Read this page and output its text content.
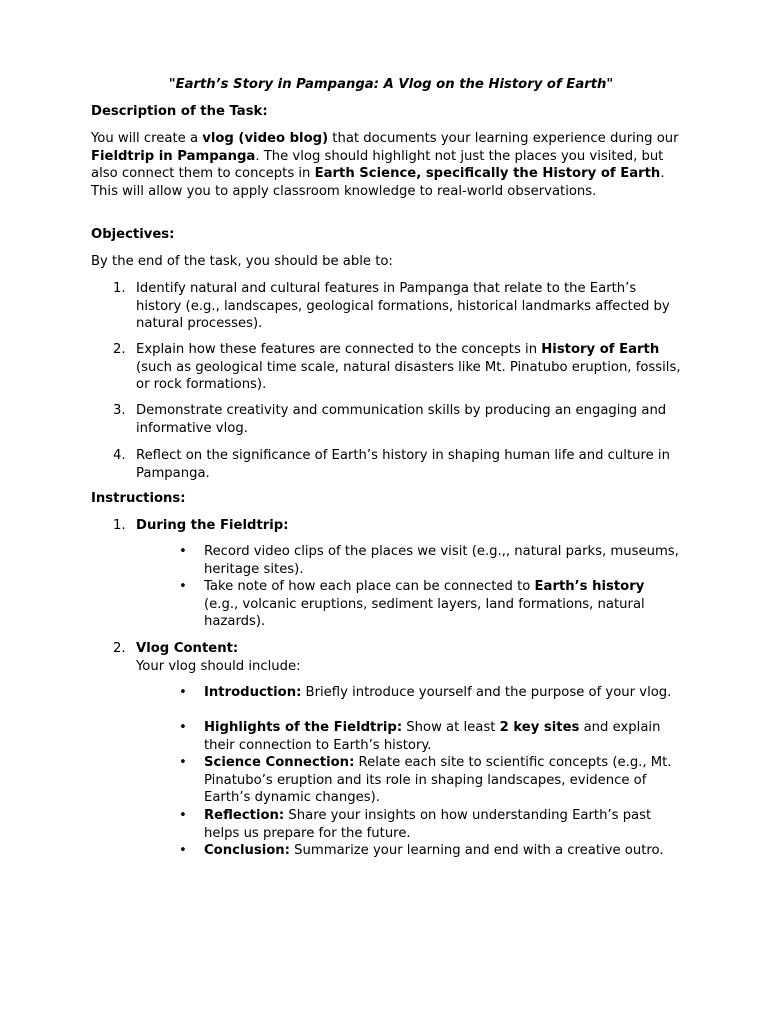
"Earth’s Story in Pampanga: A Vlog on the History of Earth"
Description of the Task:
You will create a vlog (video blog) that documents your learning experience during our Fieldtrip in Pampanga. The vlog should highlight not just the places you visited, but also connect them to concepts in Earth Science, specifically the History of Earth. This will allow you to apply classroom knowledge to real-world observations.
Objectives:
By the end of the task, you should be able to:
1. Identify natural and cultural features in Pampanga that relate to the Earth’s history (e.g., landscapes, geological formations, historical landmarks affected by natural processes).
2. Explain how these features are connected to the concepts in History of Earth (such as geological time scale, natural disasters like Mt. Pinatubo eruption, fossils, or rock formations).
3. Demonstrate creativity and communication skills by producing an engaging and informative vlog.
4. Reflect on the significance of Earth’s history in shaping human life and culture in Pampanga.
Instructions:
1. During the Fieldtrip:
• Record video clips of the places we visit (e.g.,, natural parks, museums, heritage sites).
• Take note of how each place can be connected to Earth’s history (e.g., volcanic eruptions, sediment layers, land formations, natural hazards).
2. Vlog Content:
Your vlog should include:
• Introduction: Briefly introduce yourself and the purpose of your vlog.
• Highlights of the Fieldtrip: Show at least 2 key sites and explain their connection to Earth’s history.
• Science Connection: Relate each site to scientific concepts (e.g., Mt. Pinatubo’s eruption and its role in shaping landscapes, evidence of Earth’s dynamic changes).
• Reflection: Share your insights on how understanding Earth’s past helps us prepare for the future.
• Conclusion: Summarize your learning and end with a creative outro.
